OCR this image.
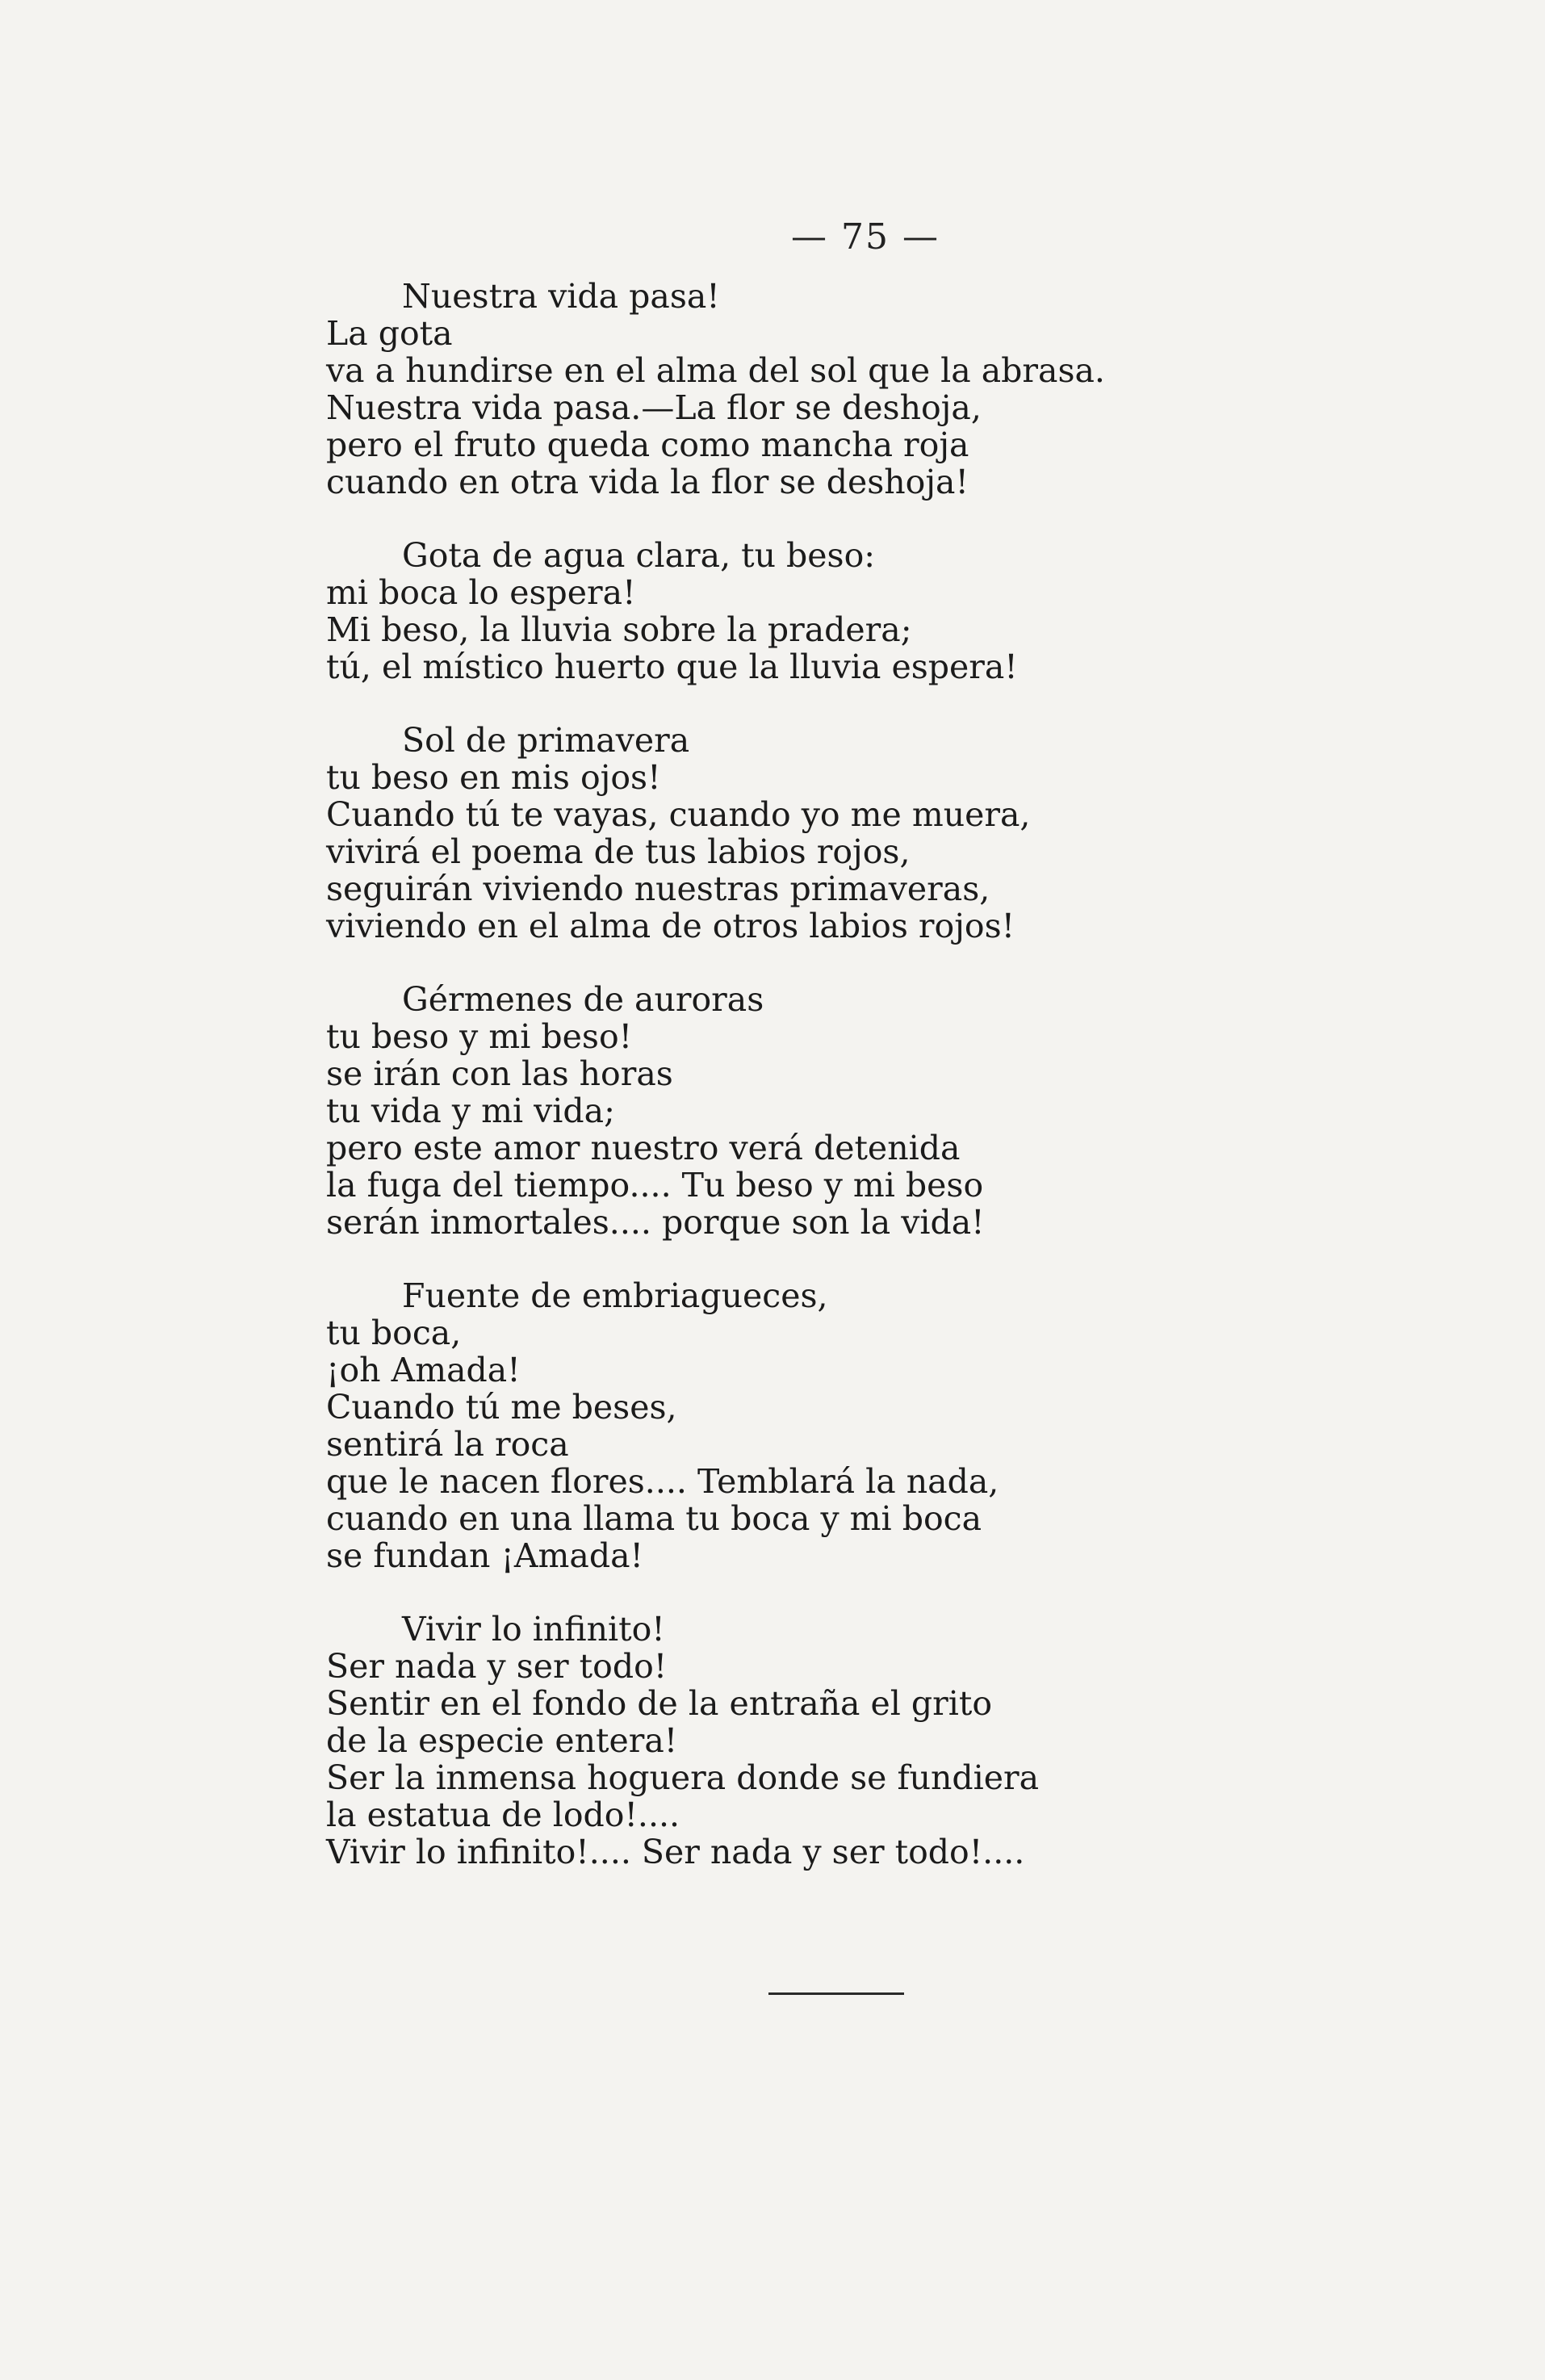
— 75 —
Nuestra vida pasa!
La gota
va a hundirse en el alma del sol que la abrasa.
Nuestra vida pasa.—La flor se deshoja,
pero el fruto queda como mancha roja
cuando en otra vida la flor se deshoja!
Gota de agua clara, tu beso:
mi boca lo espera!
Mi beso, la lluvia sobre la pradera;
tú, el místico huerto que la lluvia espera!
Sol de primavera
tu beso en mis ojos!
Cuando tú te vayas, cuando yo me muera,
vivirá el poema de tus labios rojos,
seguirán viviendo nuestras primaveras,
viviendo en el alma de otros labios rojos!
Gérmenes de auroras
tu beso y mi beso!
se irán con las horas
tu vida y mi vida;
pero este amor nuestro verá detenida
la fuga del tiempo.... Tu beso y mi beso
serán inmortales.... porque son la vida!
Fuente de embriagueces,
tu boca,
¡oh Amada!
Cuando tú me beses,
sentirá la roca
que le nacen flores.... Temblará la nada,
cuando en una llama tu boca y mi boca
se fundan ¡Amada!
Vivir lo infinito!
Ser nada y ser todo!
Sentir en el fondo de la entraña el grito
de la especie entera!
Ser la inmensa hoguera donde se fundiera
la estatua de lodo!....
Vivir lo infinito!.... Ser nada y ser todo!....
